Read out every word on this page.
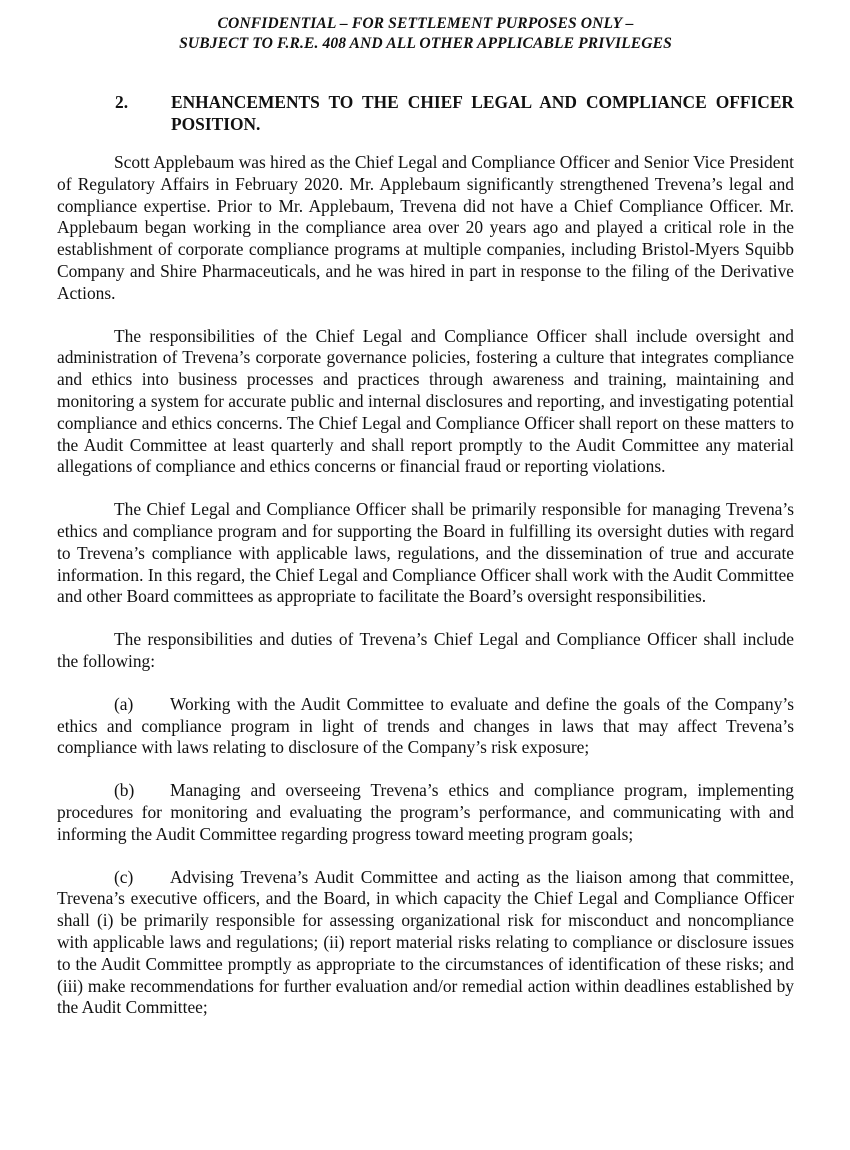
CONFIDENTIAL – FOR SETTLEMENT PURPOSES ONLY –
SUBJECT TO F.R.E. 408 AND ALL OTHER APPLICABLE PRIVILEGES
2. ENHANCEMENTS TO THE CHIEF LEGAL AND COMPLIANCE OFFICER POSITION.

Scott Applebaum was hired as the Chief Legal and Compliance Officer and Senior Vice President of Regulatory Affairs in February 2020. Mr. Applebaum significantly strengthened Trevena’s legal and compliance expertise. Prior to Mr. Applebaum, Trevena did not have a Chief Compliance Officer. Mr. Applebaum began working in the compliance area over 20 years ago and played a critical role in the establishment of corporate compliance programs at multiple companies, including Bristol-Myers Squibb Company and Shire Pharmaceuticals, and he was hired in part in response to the filing of the Derivative Actions.

The responsibilities of the Chief Legal and Compliance Officer shall include oversight and administration of Trevena’s corporate governance policies, fostering a culture that integrates compliance and ethics into business processes and practices through awareness and training, maintaining and monitoring a system for accurate public and internal disclosures and reporting, and investigating potential compliance and ethics concerns. The Chief Legal and Compliance Officer shall report on these matters to the Audit Committee at least quarterly and shall report promptly to the Audit Committee any material allegations of compliance and ethics concerns or financial fraud or reporting violations.

The Chief Legal and Compliance Officer shall be primarily responsible for managing Trevena’s ethics and compliance program and for supporting the Board in fulfilling its oversight duties with regard to Trevena’s compliance with applicable laws, regulations, and the dissemination of true and accurate information. In this regard, the Chief Legal and Compliance Officer shall work with the Audit Committee and other Board committees as appropriate to facilitate the Board’s oversight responsibilities.

The responsibilities and duties of Trevena’s Chief Legal and Compliance Officer shall include the following:

(a) Working with the Audit Committee to evaluate and define the goals of the Company’s ethics and compliance program in light of trends and changes in laws that may affect Trevena’s compliance with laws relating to disclosure of the Company’s risk exposure;

(b) Managing and overseeing Trevena’s ethics and compliance program, implementing procedures for monitoring and evaluating the program’s performance, and communicating with and informing the Audit Committee regarding progress toward meeting program goals;

(c) Advising Trevena’s Audit Committee and acting as the liaison among that committee, Trevena’s executive officers, and the Board, in which capacity the Chief Legal and Compliance Officer shall (i) be primarily responsible for assessing organizational risk for misconduct and noncompliance with applicable laws and regulations; (ii) report material risks relating to compliance or disclosure issues to the Audit Committee promptly as appropriate to the circumstances of identification of these risks; and (iii) make recommendations for further evaluation and/or remedial action within deadlines established by the Audit Committee;
